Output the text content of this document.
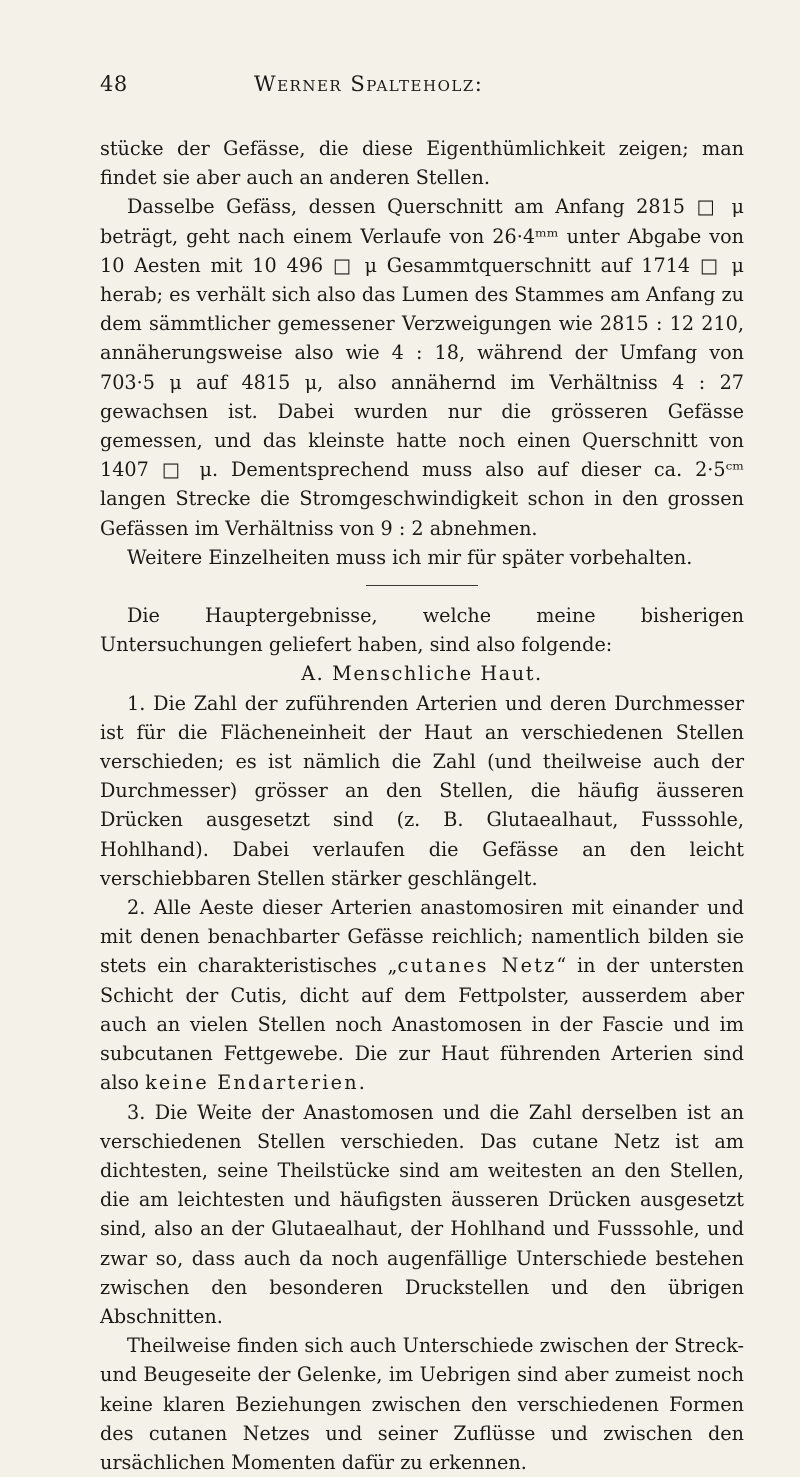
48	Werner Spalteholz:

stücke der Gefässe, die diese Eigenthümlichkeit zeigen; man findet sie aber auch an anderen Stellen.

Dasselbe Gefäss, dessen Querschnitt am Anfang 2815 □ μ beträgt, geht nach einem Verlaufe von 26·4ᵐᵐ unter Abgabe von 10 Aesten mit 10 496 □ μ Gesammtquerschnitt auf 1714 □ μ herab; es verhält sich also das Lumen des Stammes am Anfang zu dem sämmtlicher gemessener Verzweigungen wie 2815 : 12 210, annäherungsweise also wie 4 : 18, während der Umfang von 703·5 μ auf 4815 μ, also annähernd im Verhältniss 4 : 27 gewachsen ist. Dabei wurden nur die grösseren Gefässe gemessen, und das kleinste hatte noch einen Querschnitt von 1407 □ μ. Dementsprechend muss also auf dieser ca. 2·5ᶜᵐ langen Strecke die Stromgeschwindigkeit schon in den grossen Gefässen im Verhältniss von 9 : 2 abnehmen.

Weitere Einzelheiten muss ich mir für später vorbehalten.

Die Hauptergebnisse, welche meine bisherigen Untersuchungen geliefert haben, sind also folgende:

A. Menschliche Haut.

1. Die Zahl der zuführenden Arterien und deren Durchmesser ist für die Flächeneinheit der Haut an verschiedenen Stellen verschieden; es ist nämlich die Zahl (und theilweise auch der Durchmesser) grösser an den Stellen, die häufig äusseren Drücken ausgesetzt sind (z. B. Glutaealhaut, Fusssohle, Hohlhand). Dabei verlaufen die Gefässe an den leicht verschiebbaren Stellen stärker geschlängelt.

2. Alle Aeste dieser Arterien anastomosiren mit einander und mit denen benachbarter Gefässe reichlich; namentlich bilden sie stets ein charakteristisches „cutanes Netz“ in der untersten Schicht der Cutis, dicht auf dem Fettpolster, ausserdem aber auch an vielen Stellen noch Anastomosen in der Fascie und im subcutanen Fettgewebe. Die zur Haut führenden Arterien sind also keine Endarterien.

3. Die Weite der Anastomosen und die Zahl derselben ist an verschiedenen Stellen verschieden. Das cutane Netz ist am dichtesten, seine Theilstücke sind am weitesten an den Stellen, die am leichtesten und häufigsten äusseren Drücken ausgesetzt sind, also an der Glutaealhaut, der Hohlhand und Fusssohle, und zwar so, dass auch da noch augenfällige Unterschiede bestehen zwischen den besonderen Druckstellen und den übrigen Abschnitten.

Theilweise finden sich auch Unterschiede zwischen der Streck- und Beugeseite der Gelenke, im Uebrigen sind aber zumeist noch keine klaren Beziehungen zwischen den verschiedenen Formen des cutanen Netzes und seiner Zuflüsse und zwischen den ursächlichen Momenten dafür zu erkennen.
